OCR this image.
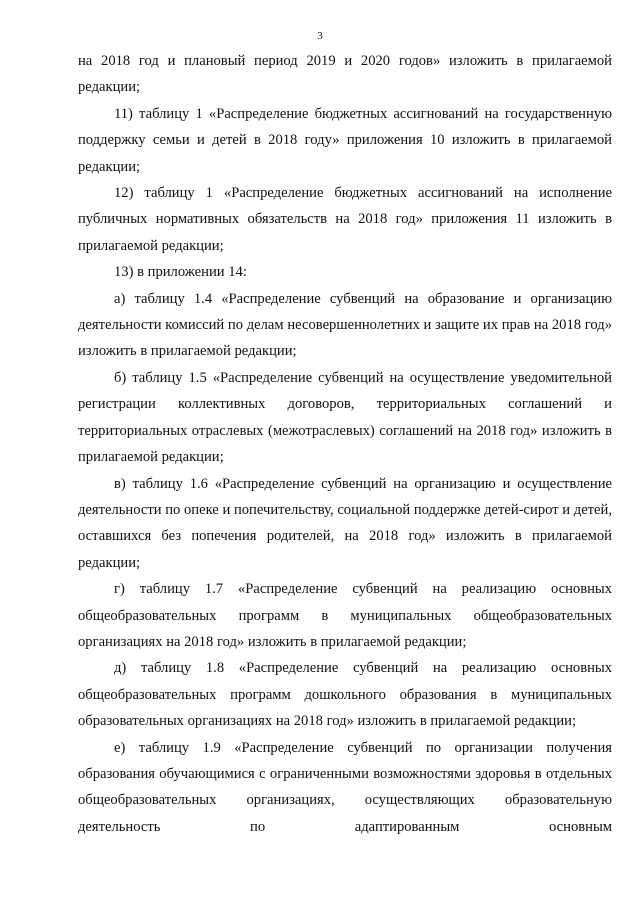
3

на 2018 год и плановый период 2019 и 2020 годов» изложить в прилагаемой редакции;

11) таблицу 1 «Распределение бюджетных ассигнований на государственную поддержку семьи и детей в 2018 году» приложения 10 изложить в прилагаемой редакции;

12) таблицу 1 «Распределение бюджетных ассигнований на исполнение публичных нормативных обязательств на 2018 год» приложения 11 изложить в прилагаемой редакции;

13) в приложении 14:

а) таблицу 1.4 «Распределение субвенций на образование и организацию деятельности комиссий по делам несовершеннолетних и защите их прав на 2018 год» изложить в прилагаемой редакции;

б) таблицу 1.5 «Распределение субвенций на осуществление уведомительной регистрации коллективных договоров, территориальных соглашений и территориальных отраслевых (межотраслевых) соглашений на 2018 год» изложить в прилагаемой редакции;

в) таблицу 1.6 «Распределение субвенций на организацию и осуществление деятельности по опеке и попечительству, социальной поддержке детей-сирот и детей, оставшихся без попечения родителей, на 2018 год» изложить в прилагаемой редакции;

г) таблицу 1.7 «Распределение субвенций на реализацию основных общеобразовательных программ в муниципальных общеобразовательных организациях на 2018 год» изложить в прилагаемой редакции;

д) таблицу 1.8 «Распределение субвенций на реализацию основных общеобразовательных программ дошкольного образования в муниципальных образовательных организациях на 2018 год» изложить в прилагаемой редакции;

е) таблицу 1.9 «Распределение субвенций по организации получения образования обучающимися с ограниченными возможностями здоровья в отдельных общеобразовательных организациях, осуществляющих образовательную деятельность по адаптированным основным
